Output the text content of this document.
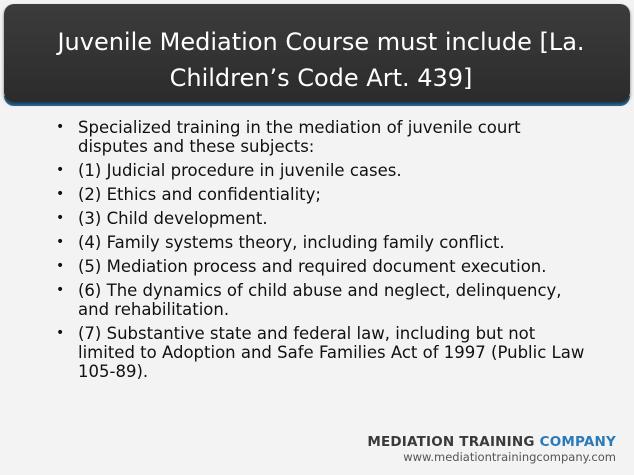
Juvenile Mediation Course must include [La. Children’s Code Art. 439]
• Specialized training in the mediation of juvenile court disputes and these subjects:
• (1) Judicial procedure in juvenile cases.
• (2) Ethics and confidentiality;
• (3) Child development.
• (4) Family systems theory, including family conflict.
• (5) Mediation process and required document execution.
• (6) The dynamics of child abuse and neglect, delinquency, and rehabilitation.
• (7) Substantive state and federal law, including but not limited to Adoption and Safe Families Act of 1997 (Public Law 105-89).
MEDIATION TRAINING COMPANY
www.mediationtrainingcompany.com
